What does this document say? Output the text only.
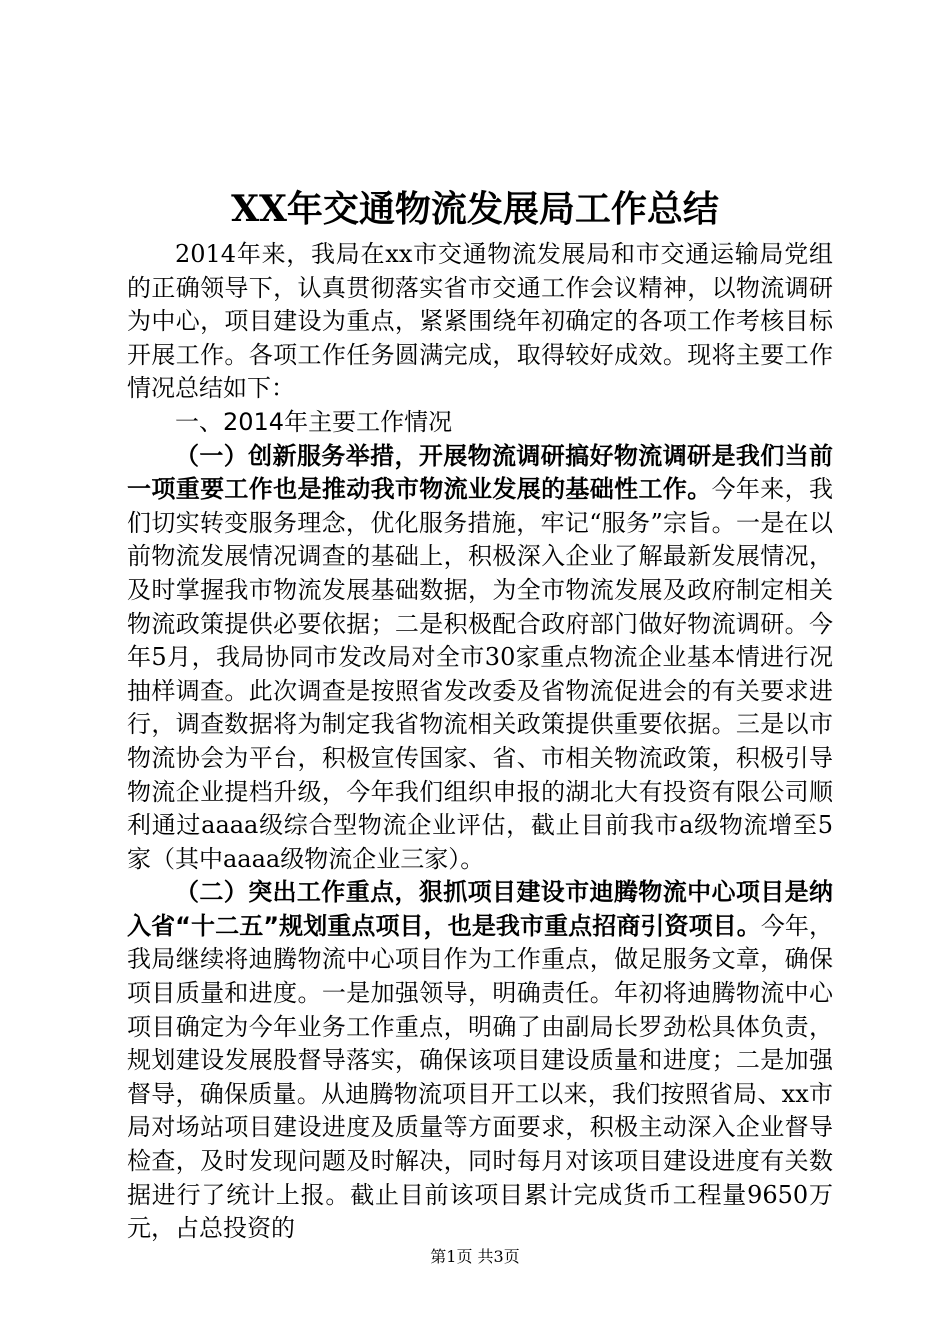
XX年交通物流发展局工作总结

2014年来，我局在xx市交通物流发展局和市交通运输局党组的正确领导下，认真贯彻落实省市交通工作会议精神，以物流调研为中心，项目建设为重点，紧紧围绕年初确定的各项工作考核目标开展工作。各项工作任务圆满完成，取得较好成效。现将主要工作情况总结如下：

一、2014年主要工作情况

（一）创新服务举措，开展物流调研搞好物流调研是我们当前一项重要工作也是推动我市物流业发展的基础性工作。今年来，我们切实转变服务理念，优化服务措施，牢记“服务”宗旨。一是在以前物流发展情况调查的基础上，积极深入企业了解最新发展情况，及时掌握我市物流发展基础数据，为全市物流发展及政府制定相关物流政策提供必要依据；二是积极配合政府部门做好物流调研。今年5月，我局协同市发改局对全市30家重点物流企业基本情进行况抽样调查。此次调查是按照省发改委及省物流促进会的有关要求进行，调查数据将为制定我省物流相关政策提供重要依据。三是以市物流协会为平台，积极宣传国家、省、市相关物流政策，积极引导物流企业提档升级，今年我们组织申报的湖北大有投资有限公司顺利通过aaaa级综合型物流企业评估，截止目前我市a级物流增至5家（其中aaaa级物流企业三家）。

（二）突出工作重点，狠抓项目建设市迪腾物流中心项目是纳入省“十二五”规划重点项目，也是我市重点招商引资项目。今年，我局继续将迪腾物流中心项目作为工作重点，做足服务文章，确保项目质量和进度。一是加强领导，明确责任。年初将迪腾物流中心项目确定为今年业务工作重点，明确了由副局长罗劲松具体负责，规划建设发展股督导落实，确保该项目建设质量和进度；二是加强督导，确保质量。从迪腾物流项目开工以来，我们按照省局、xx市局对场站项目建设进度及质量等方面要求，积极主动深入企业督导检查，及时发现问题及时解决，同时每月对该项目建设进度有关数据进行了统计上报。截止目前该项目累计完成货币工程量9650万元，占总投资的

第1页 共3页
